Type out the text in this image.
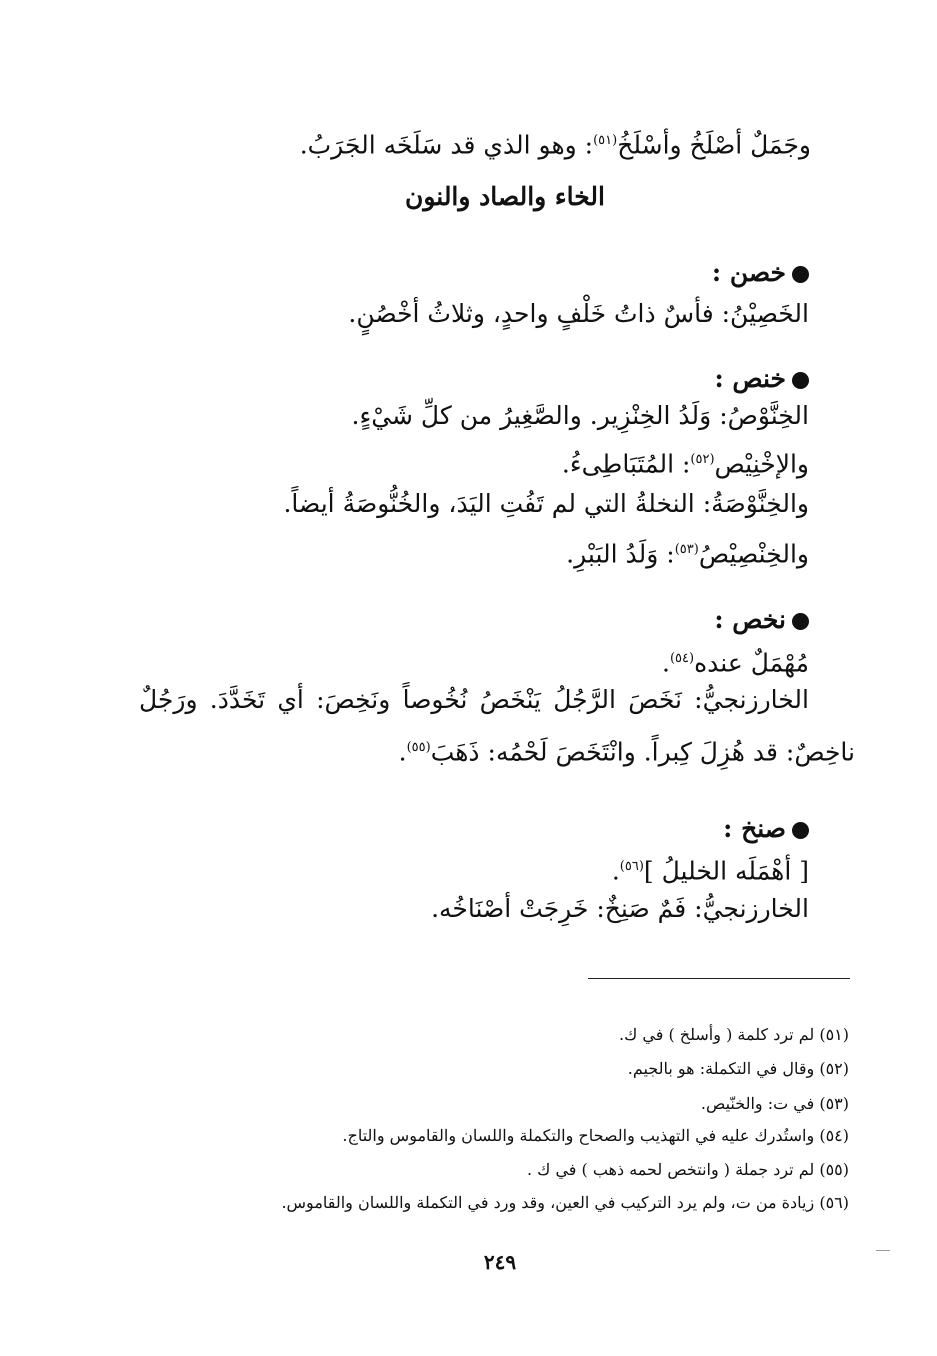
وجَمَلٌ أصْلَخُ وأسْلَخُ$^{(٥١)}$: وهو الذي قد سَلَخَه الجَرَبُ.
الخاء والصاد والنون
خصن :
الخَصِيْنُ: فأسٌ ذاتُ خَلْفٍ واحدٍ، وثلاثُ أخْصُنٍ.
خنص :
الخِنَّوْصُ: وَلَدُ الخِنْزِير. والصَّغِيرُ من كلِّ شَيْءٍ.
والإخْنِيْص$^{(٥٢)}$: المُتَبَاطِىءُ.
والخِنَّوْصَةُ: النخلةُ التي لم تَفُتِ اليَدَ، والخُنُّوصَةُ أيضاً.
والخِنْصِيْصُ$^{(٥٣)}$: وَلَدُ البَبْرِ.
نخص :
مُهْمَلٌ عنده$^{(٥٤)}$.
الخارزنجيُّ: نَخَصَ الرَّجُلُ يَنْخَصُ نُخُوصاً ونَخِصَ: أي تَخَدَّدَ. ورَجُلٌ
ناخِصٌ: قد هُزِلَ كِبراً. وانْتَخَصَ لَحْمُه: ذَهَبَ$^{(٥٥)}$.
صنخ :
[ أهْمَلَه الخليلُ ]$^{(٥٦)}$.
الخارزنجيُّ: فَمٌ صَنِخٌ: خَرِجَتْ أصْنَاخُه.
(٥١) لم ترد كلمة ( وأسلخ ) في ك.
(٥٢) وقال في التكملة: هو بالجيم.
(٥٣) في ت: والخنّيص.
(٥٤) واستُدرك عليه في التهذيب والصحاح والتكملة واللسان والقاموس والتاج.
(٥٥) لم ترد جملة ( وانتخص لحمه ذهب ) في ك .
(٥٦) زيادة من ت، ولم يرد التركيب في العين، وقد ورد في التكملة واللسان والقاموس.
٢٤٩
